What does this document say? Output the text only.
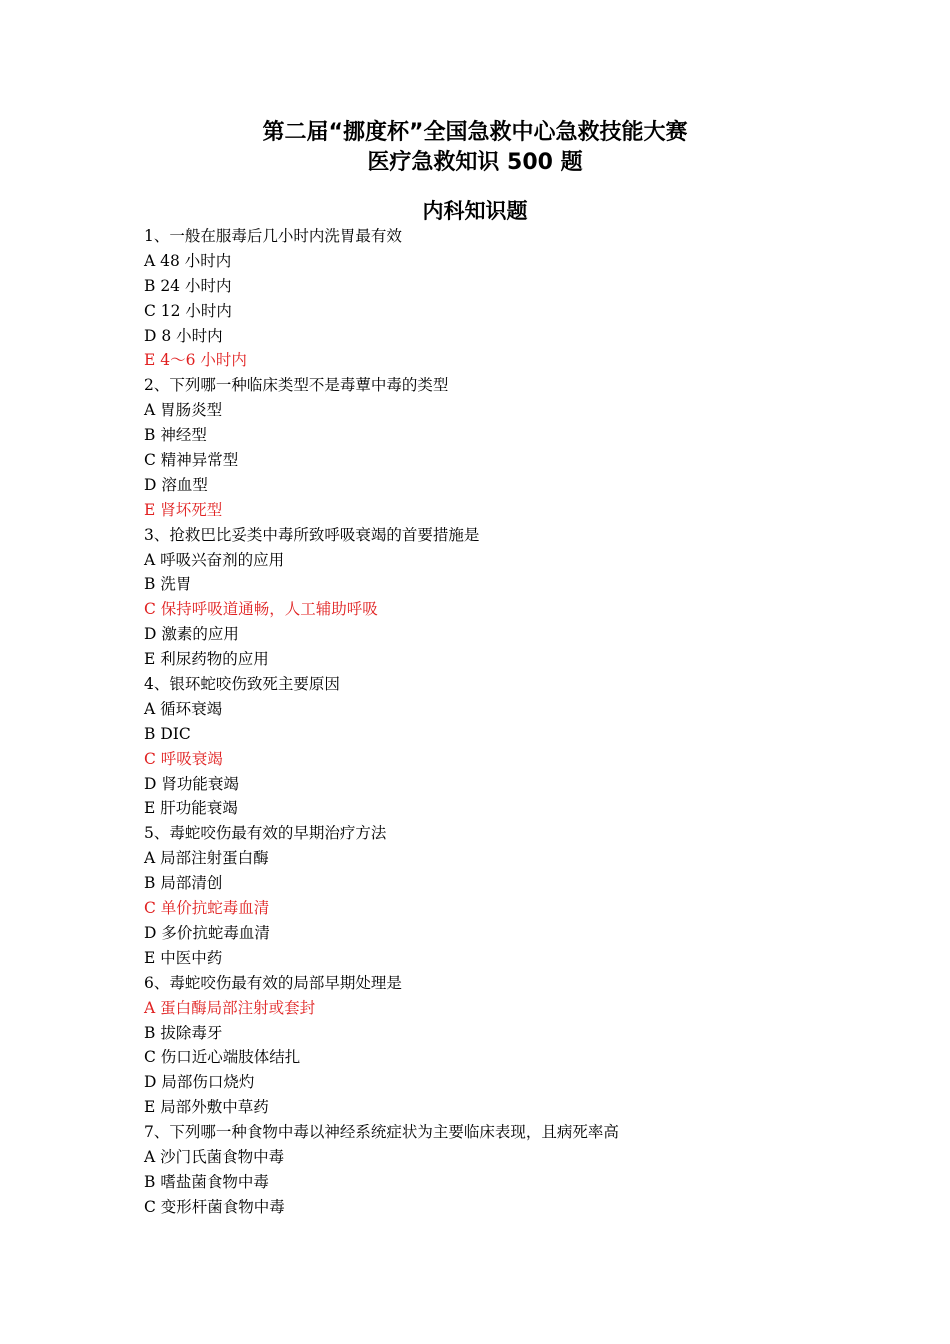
第二届“挪度杯”全国急救中心急救技能大赛
医疗急救知识 500 题
内科知识题
1、一般在服毒后几小时内洗胃最有效
A 48 小时内
B 24 小时内
C 12 小时内
D 8 小时内
E 4～6 小时内
2、下列哪一种临床类型不是毒蕈中毒的类型
A 胃肠炎型
B 神经型
C 精神异常型
D 溶血型
E 肾坏死型
3、抢救巴比妥类中毒所致呼吸衰竭的首要措施是
A 呼吸兴奋剂的应用
B 洗胃
C 保持呼吸道通畅，人工辅助呼吸
D 激素的应用
E 利尿药物的应用
4、银环蛇咬伤致死主要原因
A 循环衰竭
B DIC
C 呼吸衰竭
D 肾功能衰竭
E 肝功能衰竭
5、毒蛇咬伤最有效的早期治疗方法
A 局部注射蛋白酶
B 局部清创
C 单价抗蛇毒血清
D 多价抗蛇毒血清
E 中医中药
6、毒蛇咬伤最有效的局部早期处理是
A 蛋白酶局部注射或套封
B 拔除毒牙
C 伤口近心端肢体结扎
D 局部伤口烧灼
E 局部外敷中草药
7、下列哪一种食物中毒以神经系统症状为主要临床表现，且病死率高
A 沙门氏菌食物中毒
B 嗜盐菌食物中毒
C 变形杆菌食物中毒
